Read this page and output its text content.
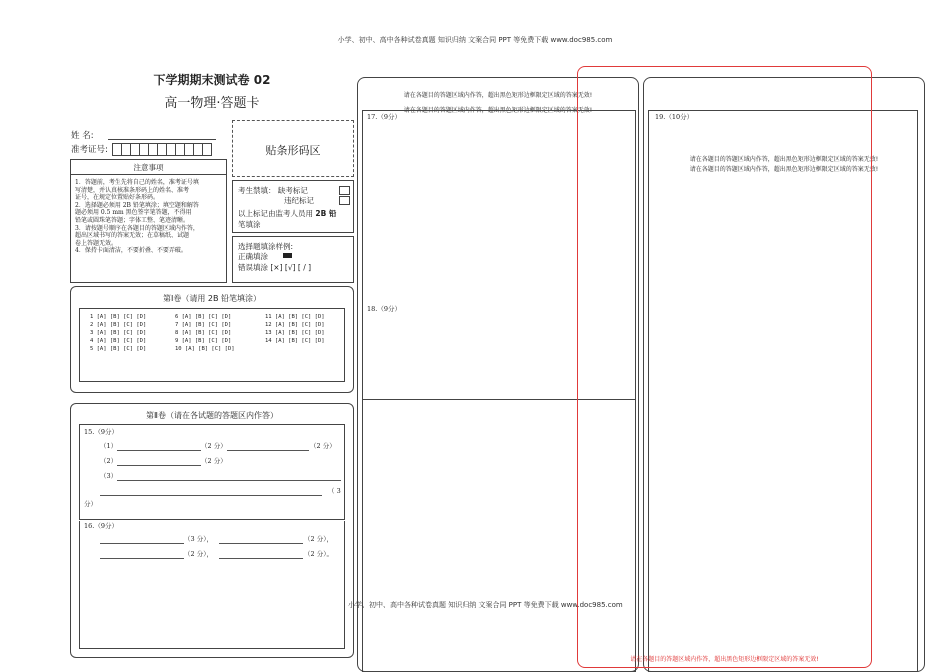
小学、初中、高中各种试卷真题 知识归纳 文案合同 PPT 等免费下载 www.doc985.com
下学期期末测试卷 02
高一物理·答题卡
姓 名:
准考证号:	贴条形码区
注意事项
1．答题前，考生先将自己的姓名，准考证号填
写清楚，并认真核准条形码上的姓名、准考
证号，在规定位置贴好条形码。
2．选择题必须用 2B 铅笔填涂；填空题和解答
题必须用 0.5 mm 黑色签字笔答题，不得用
铅笔或圆珠笔答题；字体工整、笔迹清晰。
3．请按题号顺序在各题目的答题区域内作答，
超出区域书写的答案无效；在草稿纸、试题
卷上答题无效。
4．保持卡面清洁，不要折叠、不要弄破。
考生禁填： 缺考标记
违纪标记
以上标记由监考人员用 2B 铅
笔填涂
选择题填涂样例:
正确填涂
错误填涂 [×] [√] [ / ]
第Ⅰ卷（请用 2B 铅笔填涂）
1 [A] [B] [C] [D]
2 [A] [B] [C] [D]
3 [A] [B] [C] [D]
4 [A] [B] [C] [D]
5 [A] [B] [C] [D]
6 [A] [B] [C] [D]
7 [A] [B] [C] [D]
8 [A] [B] [C] [D]
9 [A] [B] [C] [D]
10 [A] [B] [C] [D]
11 [A] [B] [C] [D]
12 [A] [B] [C] [D]
13 [A] [B] [C] [D]
14 [A] [B] [C] [D]
第Ⅱ卷（请在各试题的答题区内作答）
15.（9分）
（1）	（2 分）	（2 分）
（2）	（2 分）
（3）
（ 3
分）
16.（9分）
（3 分），	（2 分），
（2 分），	（2 分）。
请在各题目的答题区域内作答，超出黑色矩形边框限定区域的答案无效!
请在各题目的答题区域内作答，超出黑色矩形边框限定区域的答案无效!
17.（9分）
18.（9分）
19.（10分）
请在各题目的答题区域内作答，超出黑色矩形边框限定区域的答案无效!
请在各题目的答题区域内作答，超出黑色矩形边框限定区域的答案无效!
小学、初中、高中各种试卷真题 知识归纳 文案合同 PPT 等免费下载 www.doc985.com
请在各题目的答题区域内作答，超出黑色矩形边框限定区域的答案无效!
